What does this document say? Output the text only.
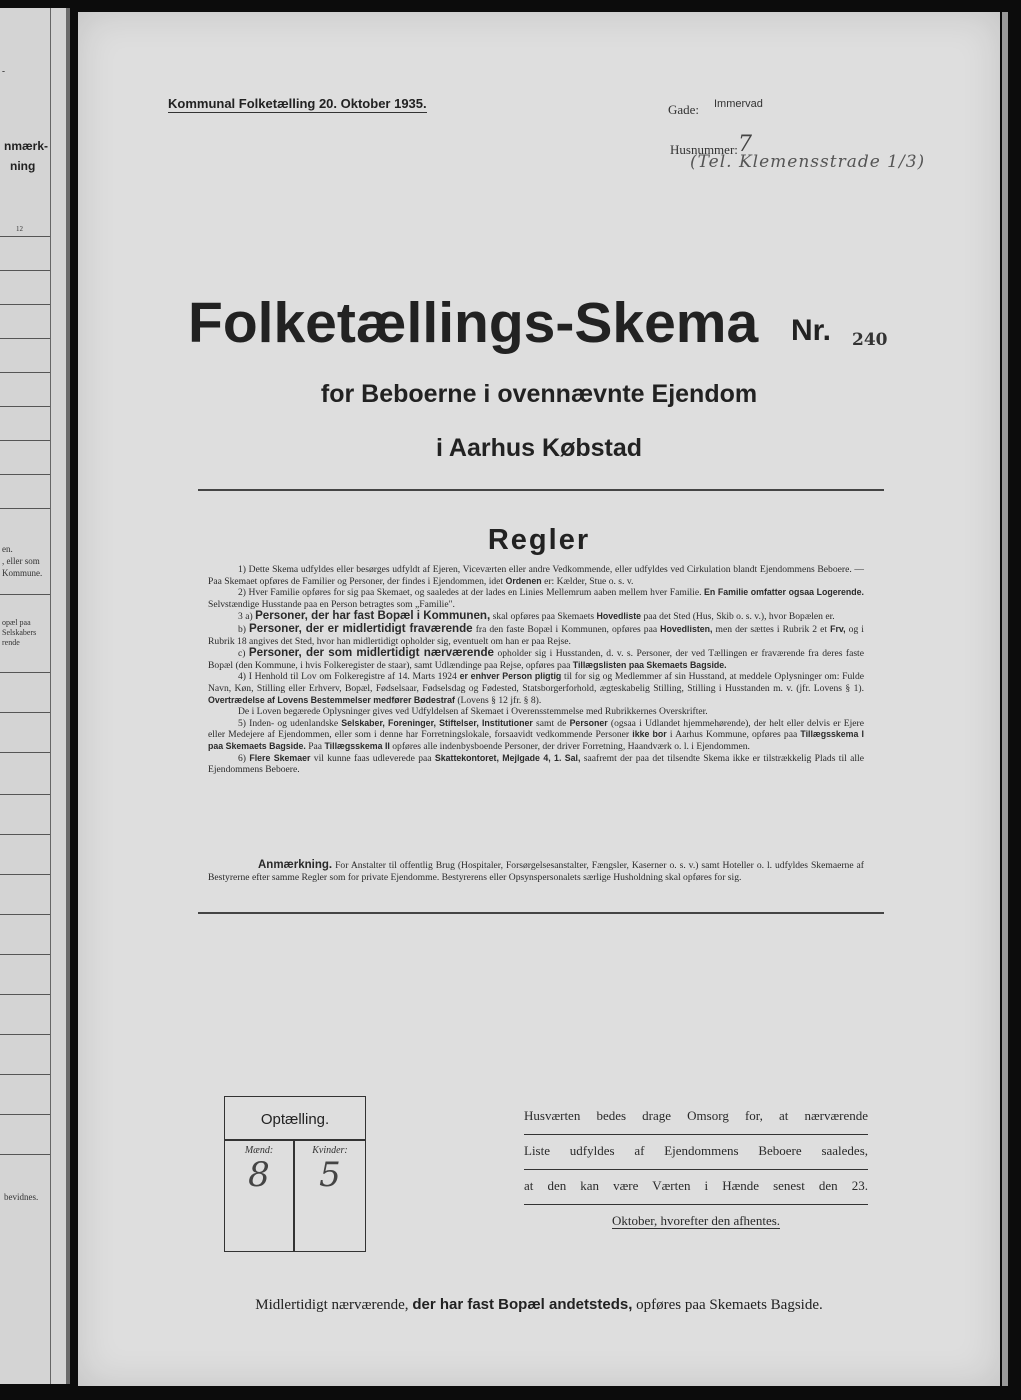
-
nmærk-
ning
12
en.
, eller som
Kommune.
opæl paa
Selskabers
rende
bevidnes.
Kommunal Folketælling 20. Oktober 1935.	Gade: Immervad
Husnummer: 7
(Tel. Klemensstrade 1/3)
Folketællings-Skema Nr. 240
for Beboerne i ovennævnte Ejendom
i Aarhus Købstad
Regler

1) Dette Skema udfyldes eller besørges udfyldt af Ejeren, Viceværten eller andre Vedkommende, eller udfyldes ved Cirkulation blandt Ejendommens Beboere. — Paa Skemaet opføres de Familier og Personer, der findes i Ejendommen, idet Ordenen er: Kælder, Stue o. s. v.

2) Hver Familie opføres for sig paa Skemaet, og saaledes at der lades en Linies Mellemrum aaben mellem hver Familie. En Familie omfatter ogsaa Logerende. Selvstændige Husstande paa en Person betragtes som „Familie".

3 a) Personer, der har fast Bopæl i Kommunen, skal opføres paa Skemaets Hovedliste paa det Sted (Hus, Skib o. s. v.), hvor Bopælen er.

b) Personer, der er midlertidigt fraværende fra den faste Bopæl i Kommunen, opføres paa Hovedlisten, men der sættes i Rubrik 2 et Frv, og i Rubrik 18 angives det Sted, hvor han midlertidigt opholder sig, eventuelt om han er paa Rejse.

c) Personer, der som midlertidigt nærværende opholder sig i Husstanden, d. v. s. Personer, der ved Tællingen er fraværende fra deres faste Bopæl (den Kommune, i hvis Folkeregister de staar), samt Udlændinge paa Rejse, opføres paa Tillægslisten paa Skemaets Bagside.

4) I Henhold til Lov om Folkeregistre af 14. Marts 1924 er enhver Person pligtig til for sig og Medlemmer af sin Husstand, at meddele Oplysninger om: Fulde Navn, Køn, Stilling eller Erhverv, Bopæl, Fødselsaar, Fødselsdag og Fødested, Statsborgerforhold, ægteskabelig Stilling, Stilling i Husstanden m. v. (jfr. Lovens § 1). Overtrædelse af Lovens Bestemmelser medfører Bødestraf (Lovens § 12 jfr. § 8).

De i Loven begærede Oplysninger gives ved Udfyldelsen af Skemaet i Overensstemmelse med Rubrikkernes Overskrifter.

5) Inden- og udenlandske Selskaber, Foreninger, Stiftelser, Institutioner samt de Personer (ogsaa i Udlandet hjemmehørende), der helt eller delvis er Ejere eller Medejere af Ejendommen, eller som i denne har Forretningslokale, forsaavidt vedkommende Personer ikke bor i Aarhus Kommune, opføres paa Tillægsskema I paa Skemaets Bagside. Paa Tillægsskema II opføres alle indenbysboende Personer, der driver Forretning, Haandværk o. l. i Ejendommen.

6) Flere Skemaer vil kunne faas udleverede paa Skattekontoret, Mejlgade 4, 1. Sal, saafremt der paa det tilsendte Skema ikke er tilstrækkelig Plads til alle Ejendommens Beboere.

Anmærkning. For Anstalter til offentlig Brug (Hospitaler, Forsørgelsesanstalter, Fængsler, Kaserner o. s. v.) samt Hoteller o. l. udfyldes Skemaerne af Bestyrerne efter samme Regler som for private Ejendomme. Bestyrerens eller Opsynspersonalets særlige Husholdning skal opføres for sig.

Optælling.
Mænd:	Kvinder:
8	5
Husværten bedes drage Omsorg for, at nærværende
Liste udfyldes af Ejendommens Beboere saaledes,
at den kan være Værten i Hænde senest den 23.
Oktober, hvorefter den afhentes.
Midlertidigt nærværende, der har fast Bopæl andetsteds, opføres paa Skemaets Bagside.
